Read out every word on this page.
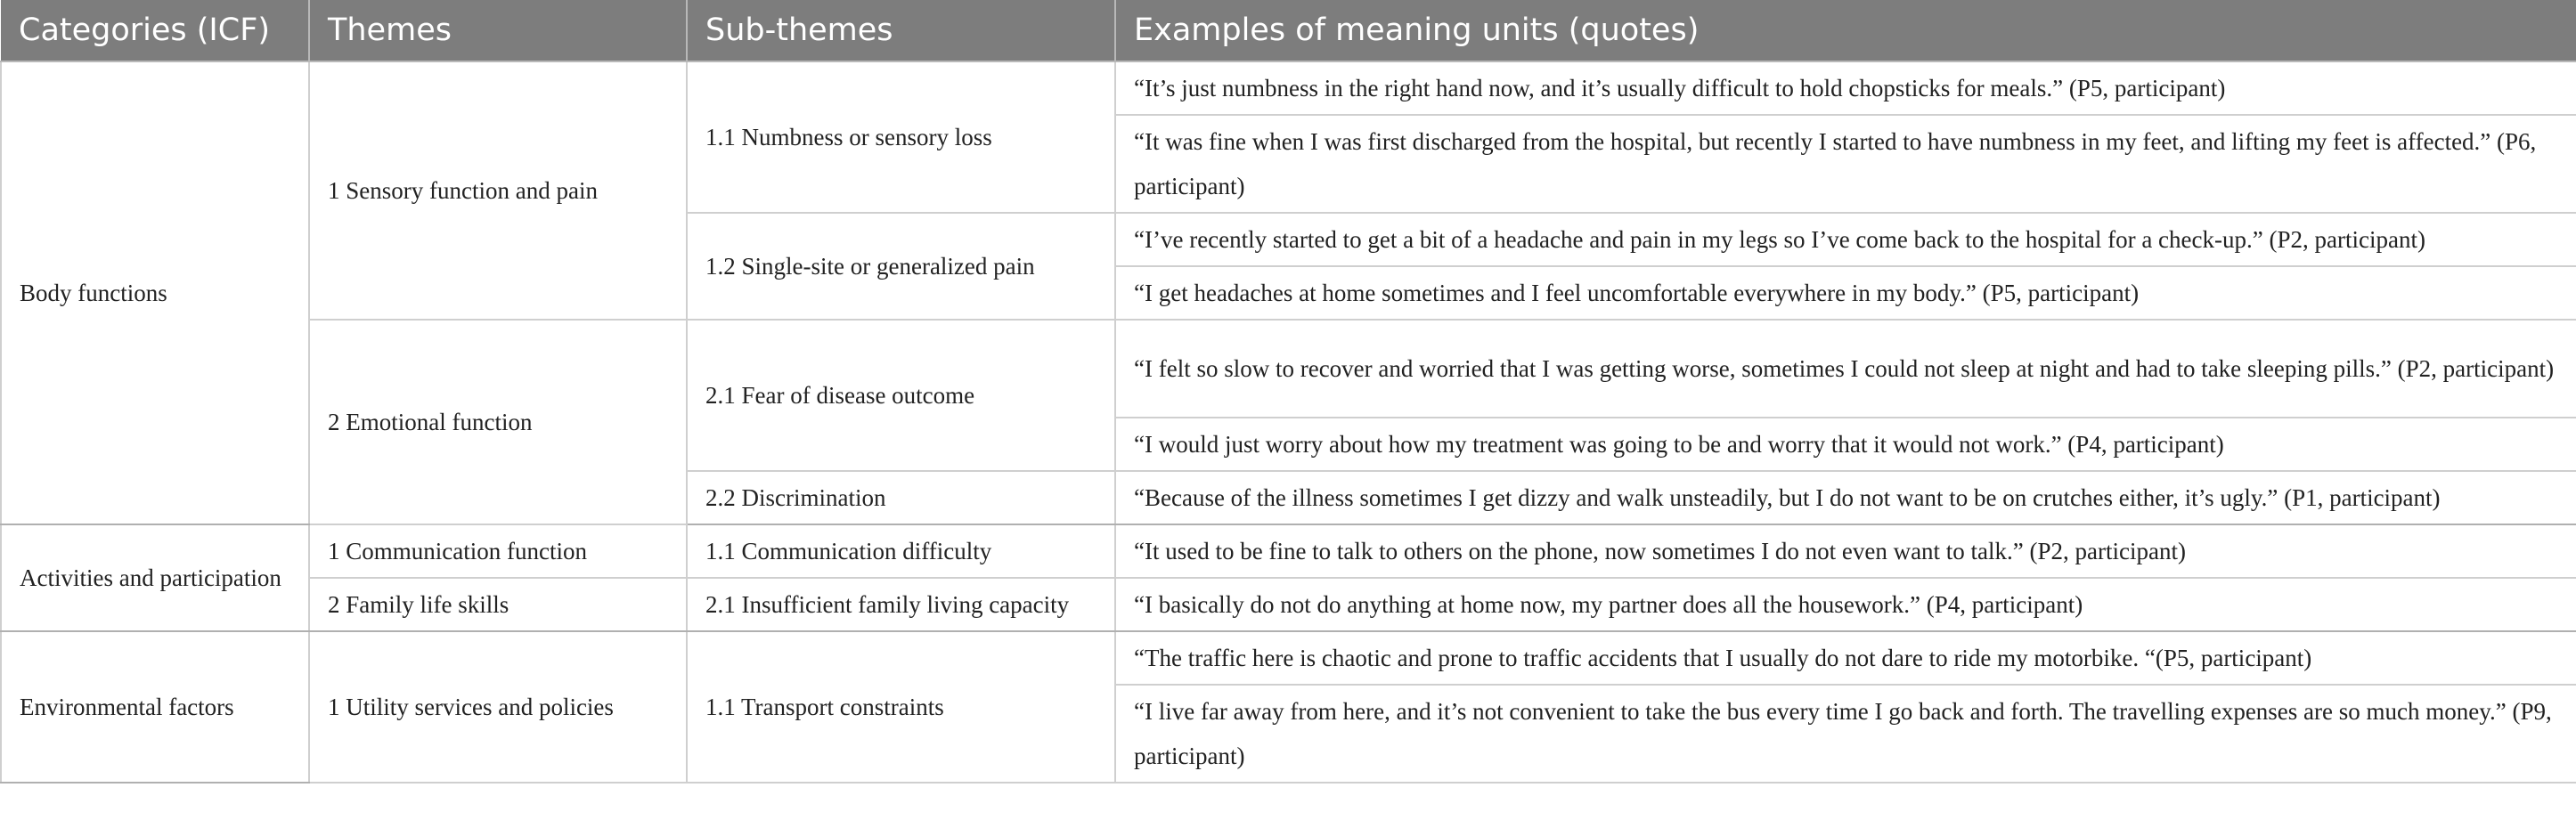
Categories (ICF)	Themes	Sub-themes	Examples of meaning units (quotes)
Body functions	1 Sensory function and pain	1.1 Numbness or sensory loss	“It’s just numbness in the right hand now, and it’s usually difficult to hold chopsticks for meals.” (P5, participant)
			“It was fine when I was first discharged from the hospital, but recently I started to have numbness in my feet, and lifting my feet is affected.” (P6, participant)
		1.2 Single-site or generalized pain	“I’ve recently started to get a bit of a headache and pain in my legs so I’ve come back to the hospital for a check-up.” (P2, participant)
			“I get headaches at home sometimes and I feel uncomfortable everywhere in my body.” (P5, participant)
	2 Emotional function	2.1 Fear of disease outcome	“I felt so slow to recover and worried that I was getting worse, sometimes I could not sleep at night and had to take sleeping pills.” (P2, participant)
			“I would just worry about how my treatment was going to be and worry that it would not work.” (P4, participant)
		2.2 Discrimination	“Because of the illness sometimes I get dizzy and walk unsteadily, but I do not want to be on crutches either, it’s ugly.” (P1, participant)
Activities and participation	1 Communication function	1.1 Communication difficulty	“It used to be fine to talk to others on the phone, now sometimes I do not even want to talk.” (P2, participant)
	2 Family life skills	2.1 Insufficient family living capacity	“I basically do not do anything at home now, my partner does all the housework.” (P4, participant)
Environmental factors	1 Utility services and policies	1.1 Transport constraints	“The traffic here is chaotic and prone to traffic accidents that I usually do not dare to ride my motorbike. “(P5, participant)
			“I live far away from here, and it’s not convenient to take the bus every time I go back and forth. The travelling expenses are so much money.” (P9, participant)
